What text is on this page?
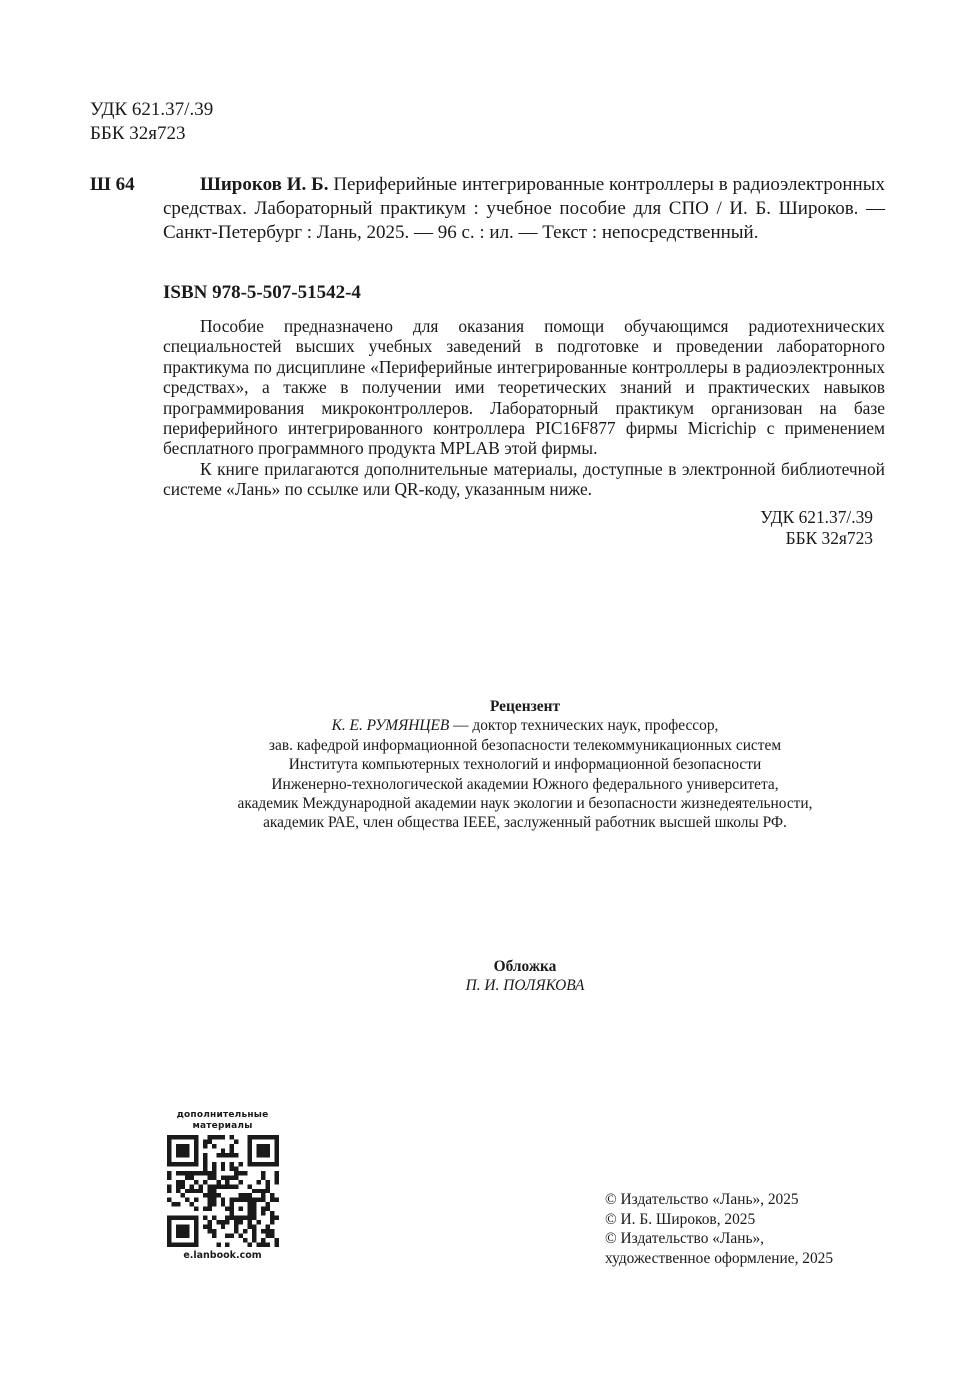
УДК 621.37/.39
ББК 32я723
Ш 64	Широков И. Б. Периферийные интегрированные контроллеры в радиоэлектронных средствах. Лабораторный практикум : учебное пособие для СПО / И. Б. Широков. — Санкт-Петербург : Лань, 2025. — 96 с. : ил. — Текст : непосредственный.
ISBN 978-5-507-51542-4

Пособие предназначено для оказания помощи обучающимся радиотехнических специальностей высших учебных заведений в подготовке и проведении лабораторного практикума по дисциплине «Периферийные интегрированные контроллеры в радиоэлектронных средствах», а также в получении ими теоретических знаний и практических навыков программирования микроконтроллеров. Лабораторный практикум организован на базе периферийного интегрированного контроллера PIC16F877 фирмы Micrichip с применением бесплатного программного продукта MPLAB этой фирмы.

К книге прилагаются дополнительные материалы, доступные в электронной библиотечной системе «Лань» по ссылке или QR-коду, указанным ниже.

УДК 621.37/.39
ББК 32я723
Рецензент
К. Е. РУМЯНЦЕВ — доктор технических наук, профессор,
зав. кафедрой информационной безопасности телекоммуникационных систем
Института компьютерных технологий и информационной безопасности
Инженерно-технологической академии Южного федерального университета,
академик Международной академии наук экологии и безопасности жизнедеятельности,
академик РАЕ, член общества IEEE, заслуженный работник высшей школы РФ.
Обложка
П. И. ПОЛЯКОВА
дополнительные
материалы
e.lanbook.com
© Издательство «Лань», 2025
© И. Б. Широков, 2025
© Издательство «Лань»,
художественное оформление, 2025
